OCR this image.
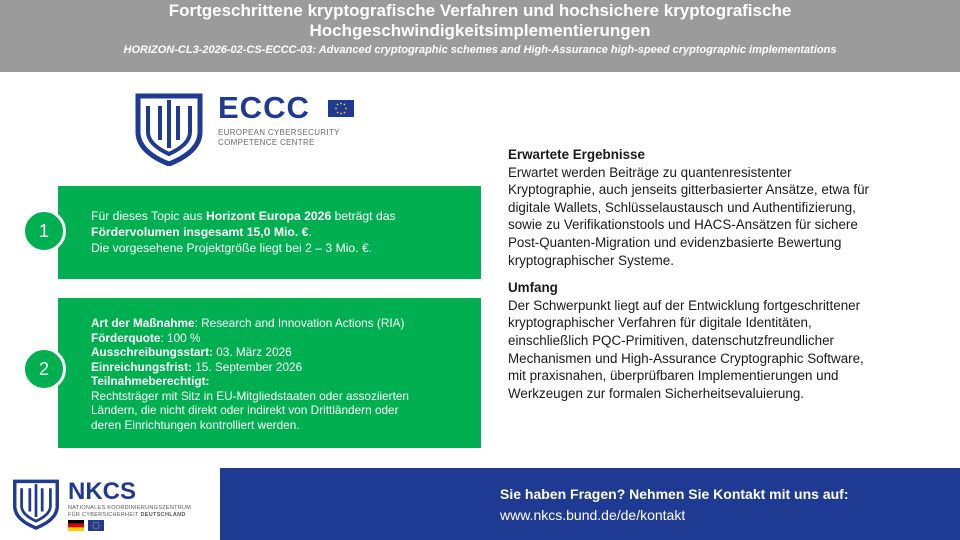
Fortgeschrittene kryptografische Verfahren und hochsichere kryptografische
Hochgeschwindigkeitsimplementierungen
HORIZON-CL3-2026-02-CS-ECCC-03: Advanced cryptographic schemes and High-Assurance high-speed cryptographic implementations
ECCC
EUROPEAN CYBERSECURITY
COMPETENCE CENTRE
Für dieses Topic aus Horizont Europa 2026 beträgt das
Fördervolumen insgesamt 15,0 Mio. €.
Die vorgesehene Projektgröße liegt bei 2 – 3 Mio. €.
1
Art der Maßnahme: Research and Innovation Actions (RIA)
Förderquote: 100 %
Ausschreibungsstart: 03. März 2026
Einreichungsfrist: 15. September 2026
Teilnahmeberechtigt:
Rechtsträger mit Sitz in EU-Mitgliedstaaten oder assoziierten
Ländern, die nicht direkt oder indirekt von Drittländern oder
deren Einrichtungen kontrolliert werden.
2
Erwartete Ergebnisse
Erwartet werden Beiträge zu quantenresistenter
Kryptographie, auch jenseits gitterbasierter Ansätze, etwa für
digitale Wallets, Schlüsselaustausch und Authentifizierung,
sowie zu Verifikationstools und HACS-Ansätzen für sichere
Post-Quanten-Migration und evidenzbasierte Bewertung
kryptographischer Systeme.
Umfang
Der Schwerpunkt liegt auf der Entwicklung fortgeschrittener
kryptographischer Verfahren für digitale Identitäten,
einschließlich PQC-Primitiven, datenschutzfreundlicher
Mechanismen und High-Assurance Cryptographic Software,
mit praxisnahen, überprüfbaren Implementierungen und
Werkzeugen zur formalen Sicherheitsevaluierung.
NKCS
NATIONALES KOORDINIERUNGSZENTRUM
FÜR CYBERSICHERHEIT DEUTSCHLAND
Sie haben Fragen? Nehmen Sie Kontakt mit uns auf:
www.nkcs.bund.de/de/kontakt
